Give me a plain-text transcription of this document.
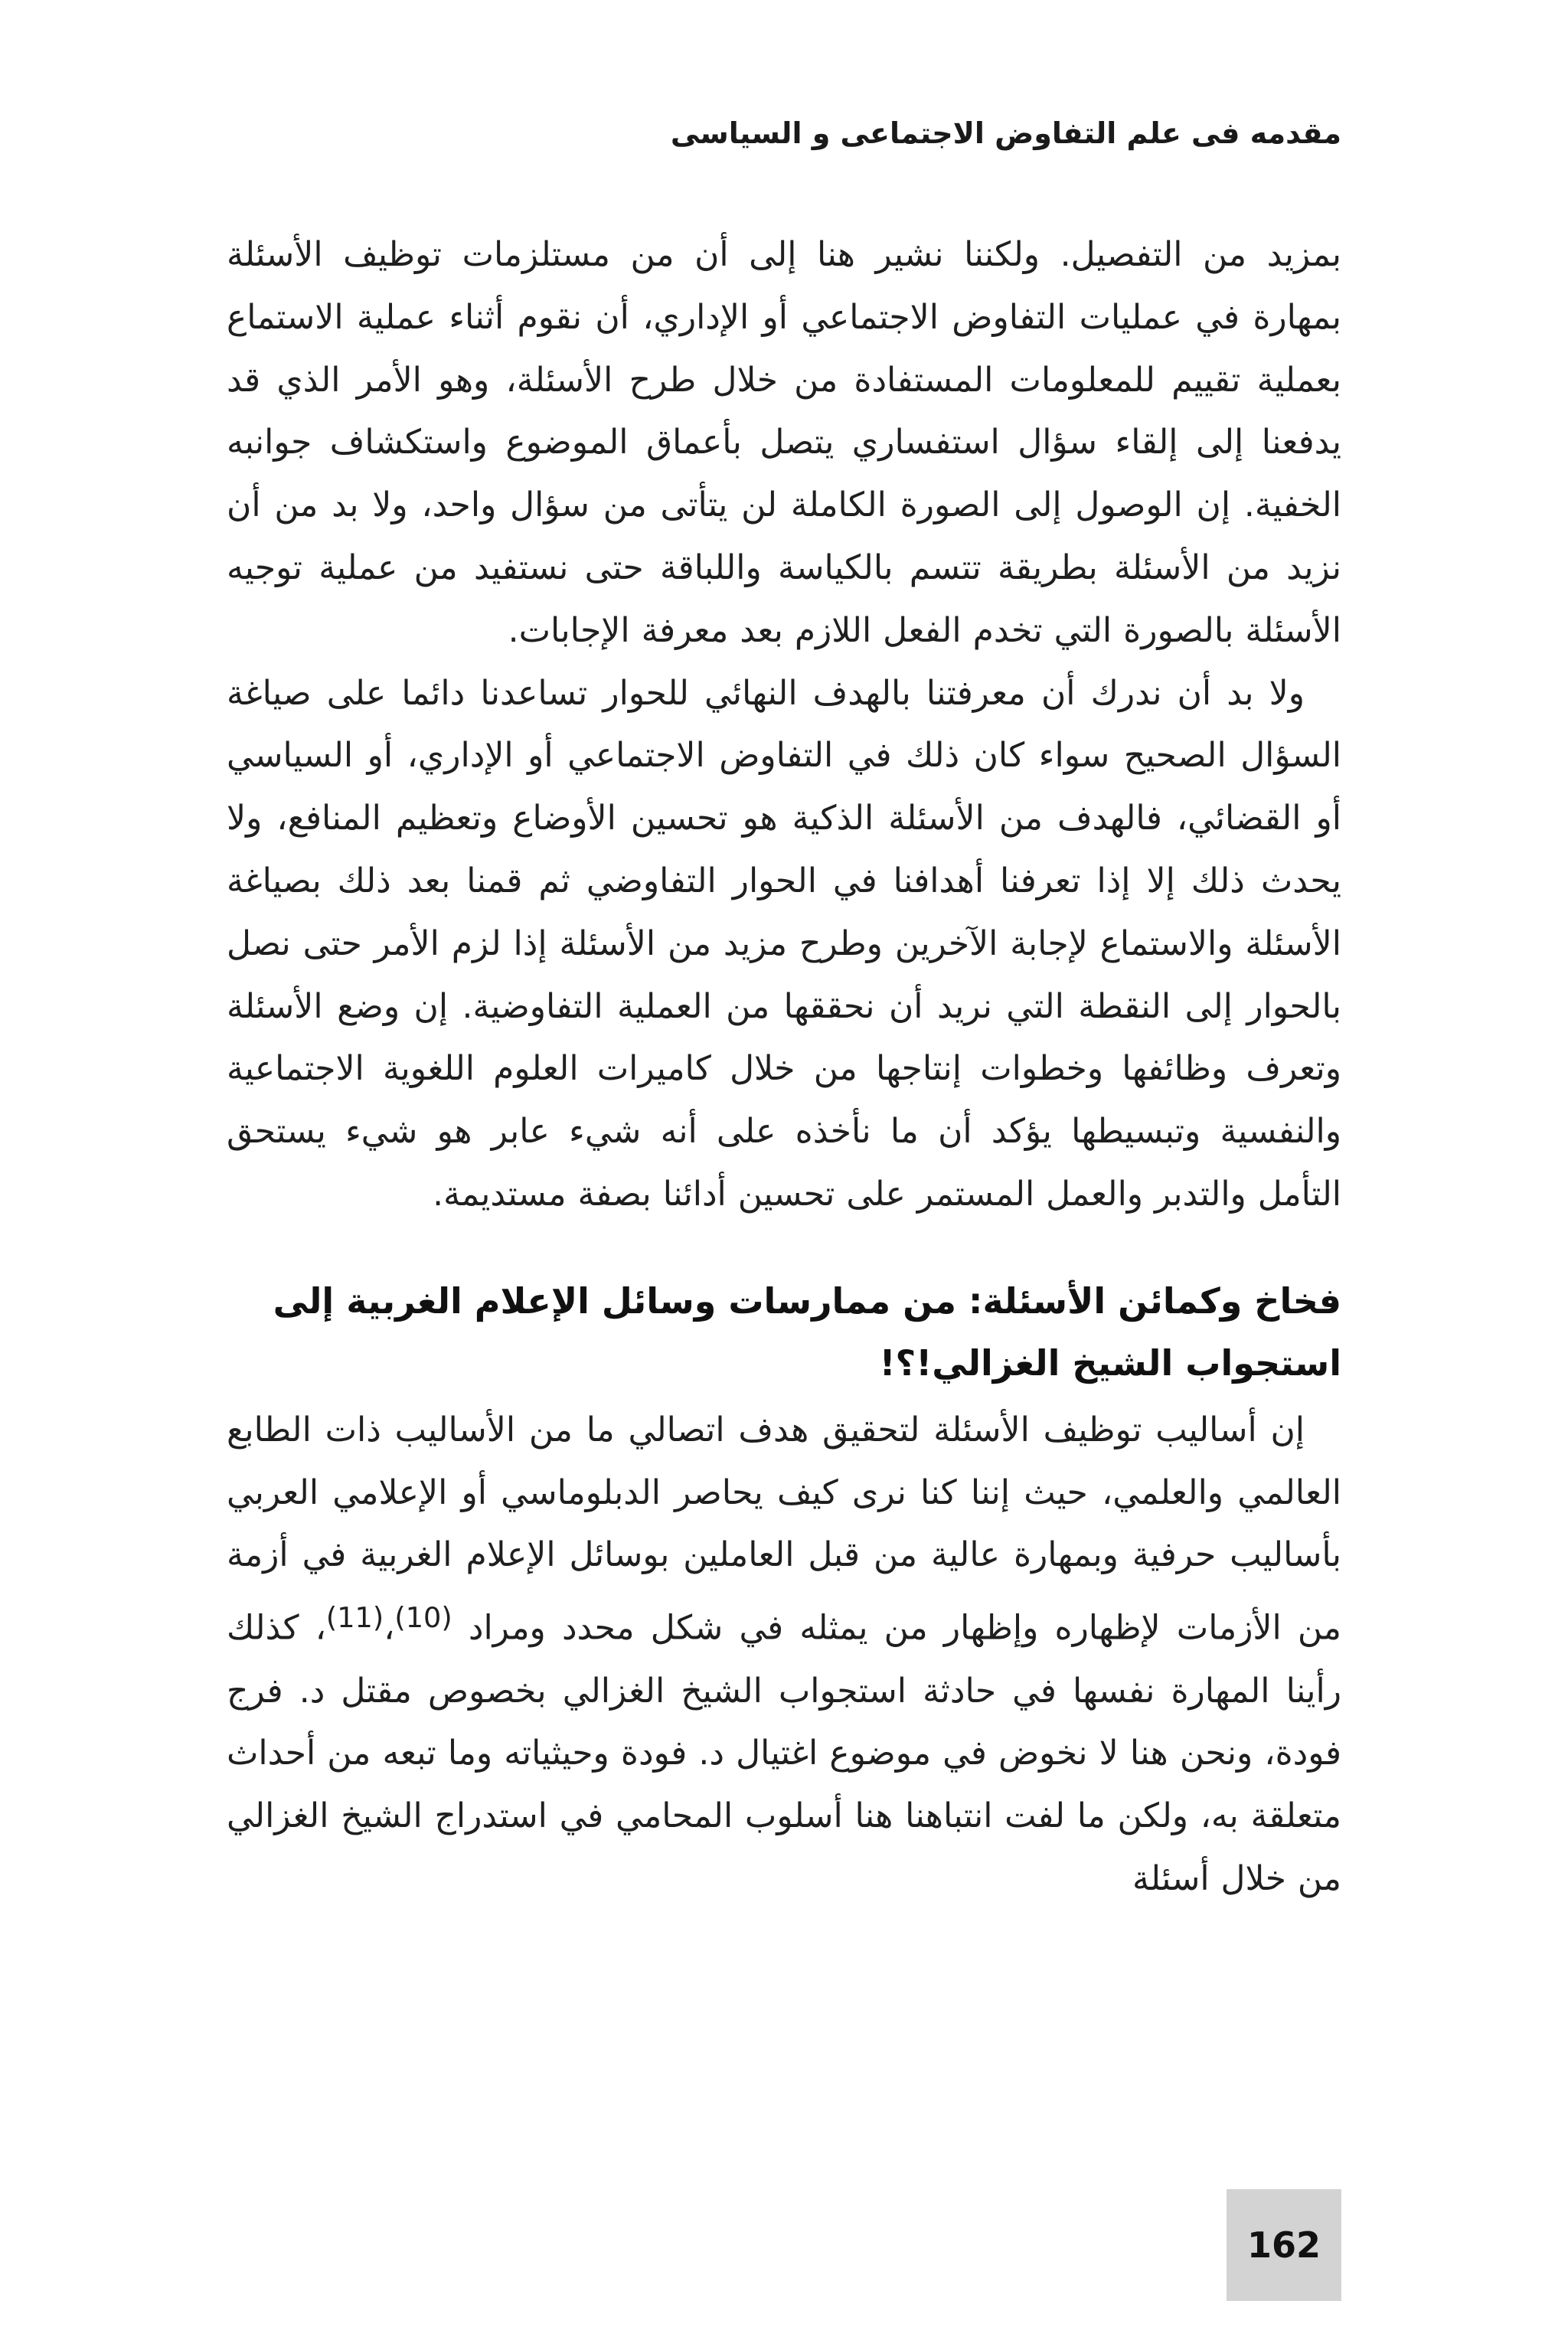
مقدمه فى علم التفاوض الاجتماعى و السياسى

بمزيد من التفصيل. ولكننا نشير هنا إلى أن من مستلزمات توظيف الأسئلة بمهارة في عمليات التفاوض الاجتماعي أو الإداري، أن نقوم أثناء عملية الاستماع بعملية تقييم للمعلومات المستفادة من خلال طرح الأسئلة، وهو الأمر الذي قد يدفعنا إلى إلقاء سؤال استفساري يتصل بأعماق الموضوع واستكشاف جوانبه الخفية. إن الوصول إلى الصورة الكاملة لن يتأتى من سؤال واحد، ولا بد من أن نزيد من الأسئلة بطريقة تتسم بالكياسة واللباقة حتى نستفيد من عملية توجيه الأسئلة بالصورة التي تخدم الفعل اللازم بعد معرفة الإجابات.

ولا بد أن ندرك أن معرفتنا بالهدف النهائي للحوار تساعدنا دائما على صياغة السؤال الصحيح سواء كان ذلك في التفاوض الاجتماعي أو الإداري، أو السياسي أو القضائي، فالهدف من الأسئلة الذكية هو تحسين الأوضاع وتعظيم المنافع، ولا يحدث ذلك إلا إذا تعرفنا أهدافنا في الحوار التفاوضي ثم قمنا بعد ذلك بصياغة الأسئلة والاستماع لإجابة الآخرين وطرح مزيد من الأسئلة إذا لزم الأمر حتى نصل بالحوار إلى النقطة التي نريد أن نحققها من العملية التفاوضية. إن وضع الأسئلة وتعرف وظائفها وخطوات إنتاجها من خلال كاميرات العلوم اللغوية الاجتماعية والنفسية وتبسيطها يؤكد أن ما نأخذه على أنه شيء عابر هو شيء يستحق التأمل والتدبر والعمل المستمر على تحسين أدائنا بصفة مستديمة.

فخاخ وكمائن الأسئلة: من ممارسات وسائل الإعلام الغربية إلى
استجواب الشيخ الغزالي!؟!

إن أساليب توظيف الأسئلة لتحقيق هدف اتصالي ما من الأساليب ذات الطابع العالمي والعلمي، حيث إننا كنا نرى كيف يحاصر الدبلوماسي أو الإعلامي العربي بأساليب حرفية وبمهارة عالية من قبل العاملين بوسائل الإعلام الغربية في أزمة من الأزمات لإظهاره وإظهار من يمثله في شكل محدد ومراد $^{(10)}$،$^{(11)}$، كذلك رأينا المهارة نفسها في حادثة استجواب الشيخ الغزالي بخصوص مقتل د. فرج فودة، ونحن هنا لا نخوض في موضوع اغتيال د. فودة وحيثياته وما تبعه من أحداث متعلقة به، ولكن ما لفت انتباهنا هنا أسلوب المحامي في استدراج الشيخ الغزالي من خلال أسئلة

162
